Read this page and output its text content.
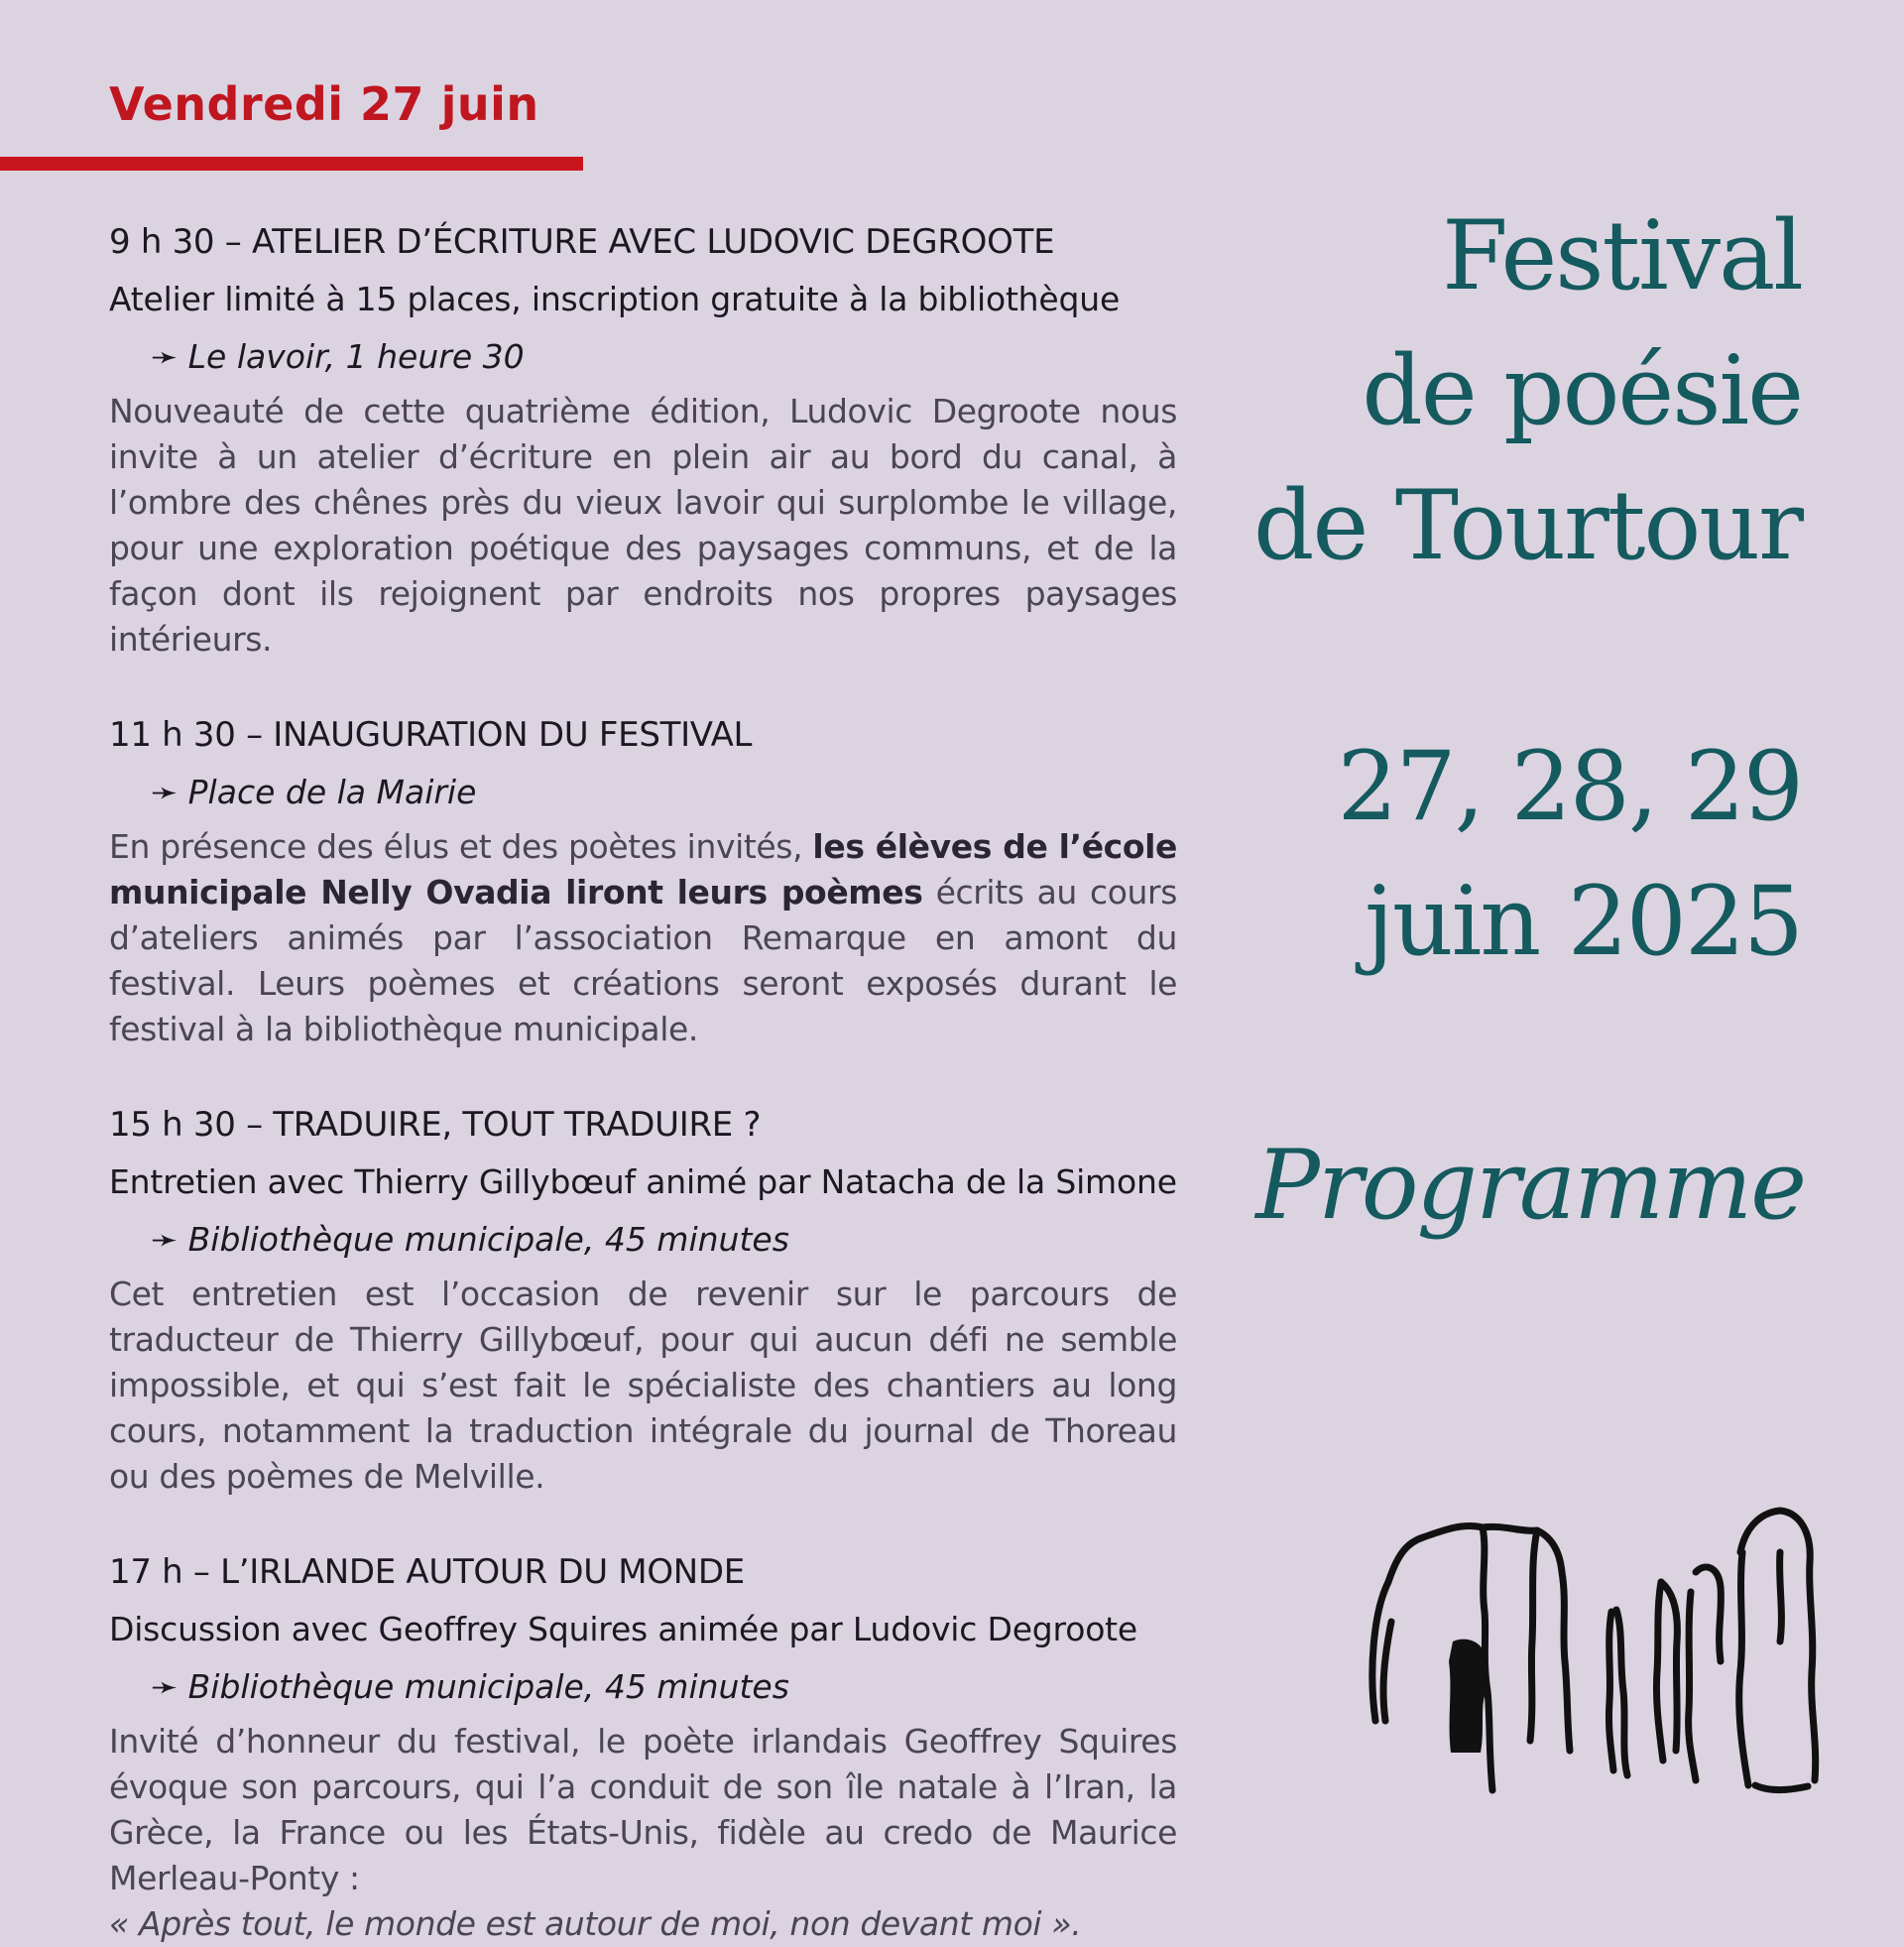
Vendredi 27 juin
9 h 30 – ATELIER D’ÉCRITURE AVEC LUDOVIC DEGROOTE
Atelier limité à 15 places, inscription gratuite à la bibliothèque
➛ Le lavoir, 1 heure 30
Nouveauté de cette quatrième édition, Ludovic Degroote nous invite à un atelier d’écriture en plein air au bord du canal, à l’ombre des chênes près du vieux lavoir qui surplombe le village, pour une exploration poétique des paysages communs, et de la façon dont ils rejoignent par endroits nos propres paysages intérieurs.
11 h 30 – INAUGURATION DU FESTIVAL
➛ Place de la Mairie
En présence des élus et des poètes invités, les élèves de l’école municipale Nelly Ovadia liront leurs poèmes écrits au cours d’ateliers animés par l’association Remarque en amont du festival. Leurs poèmes et créations seront exposés durant le festival à la bibliothèque municipale.
15 h 30 – TRADUIRE, TOUT TRADUIRE ?
Entretien avec Thierry Gillybœuf animé par Natacha de la Simone
➛ Bibliothèque municipale, 45 minutes
Cet entretien est l’occasion de revenir sur le parcours de traducteur de Thierry Gillybœuf, pour qui aucun défi ne semble impossible, et qui s’est fait le spécialiste des chantiers au long cours, notamment la traduction intégrale du journal de Thoreau ou des poèmes de Melville.
17 h – L’IRLANDE AUTOUR DU MONDE
Discussion avec Geoffrey Squires animée par Ludovic Degroote
➛ Bibliothèque municipale, 45 minutes
Invité d’honneur du festival, le poète irlandais Geoffrey Squires évoque son parcours, qui l’a conduit de son île natale à l’Iran, la Grèce, la France ou les États-Unis, fidèle au credo de Maurice Merleau-Ponty :
« Après tout, le monde est autour de moi, non devant moi ».
Festival
de poésie
de Tourtour
27, 28, 29
juin 2025
Programme
